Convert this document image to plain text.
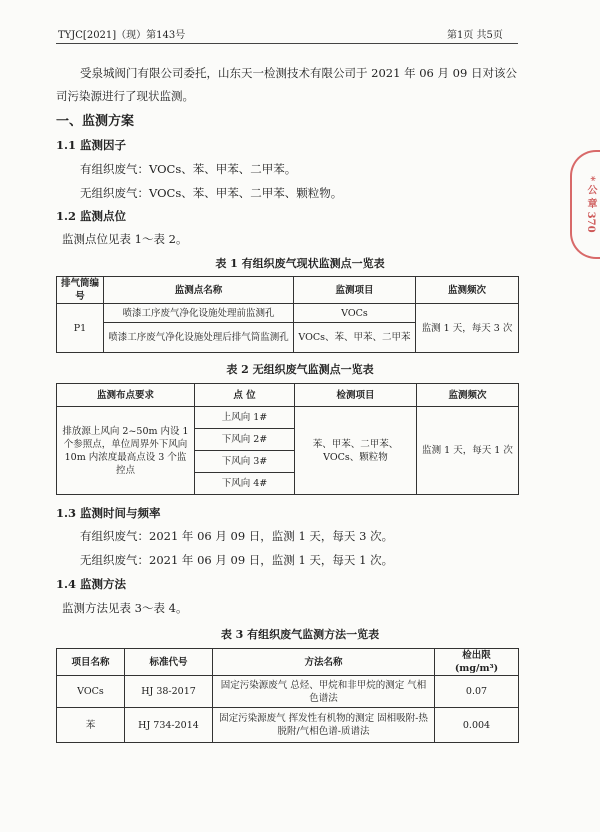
TYJC[2021]（现）第143号	第1页 共5页
* 公 章 370
受泉城阀门有限公司委托，山东天一检测技术有限公司于 2021 年 06 月 09 日对该公
司污染源进行了现状监测。
一、监测方案
1.1 监测因子
有组织废气：VOCs、苯、甲苯、二甲苯。
无组织废气：VOCs、苯、甲苯、二甲苯、颗粒物。
1.2 监测点位
监测点位见表 1～表 2。
表 1 有组织废气现状监测点一览表
排气筒编号	监测点名称	监测项目	监测频次
P1	喷漆工序废气净化设施处理前监测孔	VOCs	监测 1 天，每天 3 次
	喷漆工序废气净化设施处理后排气筒监测孔	VOCs、苯、甲苯、二甲苯	
表 2 无组织废气监测点一览表
监测布点要求	点 位	检测项目	监测频次
排放源上风向 2~50m 内设 1 个参照点，单位周界外下风向 10m 内浓度最高点设 3 个监控点	上风向 1#	苯、甲苯、二甲苯、VOCs、颗粒物	监测 1 天，每天 1 次
	下风向 2#		
	下风向 3#		
	下风向 4#		
1.3 监测时间与频率
有组织废气：2021 年 06 月 09 日，监测 1 天，每天 3 次。
无组织废气：2021 年 06 月 09 日，监测 1 天，每天 1 次。
1.4 监测方法
监测方法见表 3～表 4。
表 3 有组织废气监测方法一览表
项目名称	标准代号	方法名称	检出限
(mg/m³)

VOCs	HJ 38-2017	固定污染源废气 总烃、甲烷和非甲烷的测定 气相色谱法	0.07
苯	HJ 734-2014	固定污染源废气 挥发性有机物的测定 固相吸附-热脱附/气相色谱-质谱法	0.004
